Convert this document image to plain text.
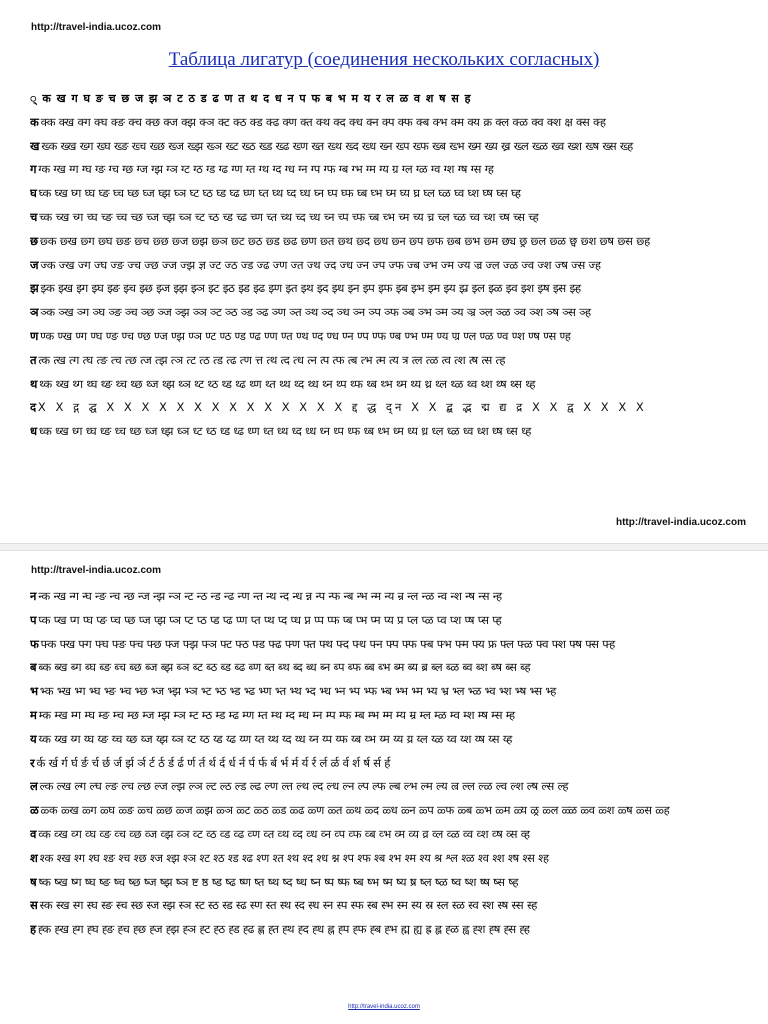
http://travel-india.ucoz.com
Таблица лигатур (соединения нескольких согласных)
् क ख ग घ ङ च छ ज झ ञ ट ठ ड ढ ण त थ द ध न प फ ब भ म य र ल ळ व श ष स ह
क क्क क्ख क्ग क्घ क्ङ क्च क्छ क्ज क्झ क्ञ क्ट क्ठ क्ड क्ढ क्ण क्त क्थ क्द क्ध क्न क्प क्फ क्ब क्भ क्म क्य क्र क्ल क्ळ क्व क्श क्ष क्स क्ह
ख ख्क ख्ख ख्ग ख्घ ख्ङ ख्च ख्छ ख्ज ख्झ ख्ञ ख्ट ख्ठ ख्ड ख्ढ ख्ण ख्त ख्थ ख्द ख्ध ख्न ख्प ख्फ ख्ब ख्भ ख्म ख्य ख्र ख्ल ख्ळ ख्व ख्श ख्ष ख्स ख्ह
ग ग्क ग्ख ग्ग ग्घ ग्ङ ग्च ग्छ ग्ज ग्झ ग्ञ ग्ट ग्ठ ग्ड ग्ढ ग्ण ग्त ग्थ ग्द ग्ध ग्न ग्प ग्फ ग्ब ग्भ ग्म ग्य ग्र ग्ल ग्ळ ग्व ग्श ग्ष ग्स ग्ह
घ घ्क घ्ख घ्ग घ्घ घ्ङ घ्च घ्छ घ्ज घ्झ घ्ञ घ्ट घ्ठ घ्ड घ्ढ घ्ण घ्त घ्थ घ्द घ्ध घ्न घ्प घ्फ घ्ब घ्भ घ्म घ्य घ्र घ्ल घ्ळ घ्व घ्श घ्ष घ्स घ्ह
च च्क च्ख च्ग च्घ च्ङ च्च च्छ च्ज च्झ च्ञ च्ट च्ठ च्ड च्ढ च्ण च्त च्थ च्द च्ध च्न च्प च्फ च्ब च्भ च्म च्य च्र च्ल च्ळ च्व च्श च्ष च्स च्ह
छ छ्क छ्ख छ्ग छ्घ छ्ङ छ्च छ्छ छ्ज छ्झ छ्ञ छ्ट छ्ठ छ्ड छ्ढ छ्ण छ्त छ्थ छ्द छ्ध छ्न छ्प छ्फ छ्ब छ्भ छ्म छ्य छ्र छ्ल छ्ळ छ्व छ्श छ्ष छ्स छ्ह
ज ज्क ज्ख ज्ग ज्घ ज्ङ ज्च ज्छ ज्ज ज्झ ज्ञ ज्ट ज्ठ ज्ड ज्ढ ज्ण ज्त ज्थ ज्द ज्ध ज्न ज्प ज्फ ज्ब ज्भ ज्म ज्य ज्र ज्ल ज्ळ ज्व ज्श ज्ष ज्स ज्ह
झ झ्क झ्ख झ्ग झ्घ झ्ङ झ्च झ्छ झ्ज झ्झ झ्ञ झ्ट झ्ठ झ्ड झ्ढ झ्ण झ्त झ्थ झ्द झ्ध झ्न झ्प झ्फ झ्ब झ्भ झ्म झ्य झ्र झ्ल झ्ळ झ्व झ्श झ्ष झ्स झ्ह
ञ ञ्क ञ्ख ञ्ग ञ्घ ञ्ङ ञ्च ञ्छ ञ्ज ञ्झ ञ्ञ ञ्ट ञ्ठ ञ्ड ञ्ढ ञ्ण ञ्त ञ्थ ञ्द ञ्ध ञ्न ञ्प ञ्फ ञ्ब ञ्भ ञ्म ञ्य ञ्र ञ्ल ञ्ळ ञ्व ञ्श ञ्ष ञ्स ञ्ह
ण ण्क ण्ख ण्ग ण्घ ण्ङ ण्च ण्छ ण्ज ण्झ ण्ञ ण्ट ण्ठ ण्ड ण्ढ ण्ण ण्त ण्थ ण्द ण्ध ण्न ण्प ण्फ ण्ब ण्भ ण्म ण्य ण्र ण्ल ण्ळ ण्व ण्श ण्ष ण्स ण्ह
त त्क त्ख त्ग त्घ त्ङ त्च त्छ त्ज त्झ त्ञ त्ट त्ठ त्ड त्ढ त्ण त्त त्थ त्द त्ध त्न त्प त्फ त्ब त्भ त्म त्य त्र त्ल त्ळ त्व त्श त्ष त्स त्ह
थ थ्क थ्ख थ्ग थ्घ थ्ङ थ्च थ्छ थ्ज थ्झ थ्ञ थ्ट थ्ठ थ्ड थ्ढ थ्ण थ्त थ्थ थ्द थ्ध थ्न थ्प थ्फ थ्ब थ्भ थ्म थ्य थ्र थ्ल थ्ळ थ्व थ्श थ्ष थ्स थ्ह
द X X द्ग द्घ X X X X X X X X X X X X X X द्द द्ध द्न X X द्ब द्भ द्म द्य द्र X X द्व X X X X
ध ध्क ध्ख ध्ग ध्घ ध्ङ ध्च ध्छ ध्ज ध्झ ध्ञ ध्ट ध्ठ ध्ड ध्ढ ध्ण ध्त ध्थ ध्द ध्ध ध्न ध्प ध्फ ध्ब ध्भ ध्म ध्य ध्र ध्ल ध्ळ ध्व ध्श ध्ष ध्स ध्ह
http://travel-india.ucoz.com
http://travel-india.ucoz.com
न न्क न्ख न्ग न्घ न्ङ न्च न्छ न्ज न्झ न्ञ न्ट न्ठ न्ड न्ढ न्ण न्त न्थ न्द न्ध न्न न्प न्फ न्ब न्भ न्म न्य न्र न्ल न्ळ न्व न्श न्ष न्स न्ह
प प्क प्ख प्ग प्घ प्ङ प्च प्छ प्ज प्झ प्ञ प्ट प्ठ प्ड प्ढ प्ण प्त प्थ प्द प्ध प्न प्प प्फ प्ब प्भ प्म प्य प्र प्ल प्ळ प्व प्श प्ष प्स प्ह
फ फ्क फ्ख फ्ग फ्घ फ्ङ फ्च फ्छ फ्ज फ्झ फ्ञ फ्ट फ्ठ फ्ड फ्ढ फ्ण फ्त फ्थ फ्द फ्ध फ्न फ्प फ्फ फ्ब फ्भ फ्म फ्य फ्र फ्ल फ्ळ फ्व फ्श फ्ष फ्स फ्ह
ब ब्क ब्ख ब्ग ब्घ ब्ङ ब्च ब्छ ब्ज ब्झ ब्ञ ब्ट ब्ठ ब्ड ब्ढ ब्ण ब्त ब्थ ब्द ब्ध ब्न ब्प ब्फ ब्ब ब्भ ब्म ब्य ब्र ब्ल ब्ळ ब्व ब्श ब्ष ब्स ब्ह
भ भ्क भ्ख भ्ग भ्घ भ्ङ भ्च भ्छ भ्ज भ्झ भ्ञ भ्ट भ्ठ भ्ड भ्ढ भ्ण भ्त भ्थ भ्द भ्ध भ्न भ्प भ्फ भ्ब भ्भ भ्म भ्य भ्र भ्ल भ्ळ भ्व भ्श भ्ष भ्स भ्ह
म म्क म्ख म्ग म्घ म्ङ म्च म्छ म्ज म्झ म्ञ म्ट म्ठ म्ड म्ढ म्ण म्त म्थ म्द म्ध म्न म्प म्फ म्ब म्भ म्म म्य म्र म्ल म्ळ म्व म्श म्ष म्स म्ह
य य्क य्ख य्ग य्घ य्ङ य्च य्छ य्ज य्झ य्ञ य्ट य्ठ य्ड य्ढ य्ण य्त य्थ य्द य्ध य्न य्प य्फ य्ब य्भ य्म य्य य्र य्ल य्ळ य्व य्श य्ष य्स य्ह
र र्क र्ख र्ग र्घ र्ङ र्च र्छ र्ज र्झ र्ञ र्ट र्ठ र्ड र्ढ र्ण र्त र्थ र्द र्ध र्न र्प र्फ र्ब र्भ र्म र्य र्र र्ल र्ळ र्व र्श र्ष र्स र्ह
ल ल्क ल्ख ल्ग ल्घ ल्ङ ल्च ल्छ ल्ज ल्झ ल्ञ ल्ट ल्ठ ल्ड ल्ढ ल्ण ल्त ल्थ ल्द ल्ध ल्न ल्प ल्फ ल्ब ल्भ ल्म ल्य ल्र ल्ल ल्ळ ल्व ल्श ल्ष ल्स ल्ह
ळ ळ्क ळ्ख ळ्ग ळ्घ ळ्ङ ळ्च ळ्छ ळ्ज ळ्झ ळ्ञ ळ्ट ळ्ठ ळ्ड ळ्ढ ळ्ण ळ्त ळ्थ ळ्द ळ्ध ळ्न ळ्प ळ्फ ळ्ब ळ्भ ळ्म ळ्य ळ्र ळ्ल ळ्ळ ळ्व ळ्श ळ्ष ळ्स ळ्ह
व व्क व्ख व्ग व्घ व्ङ व्च व्छ व्ज व्झ व्ञ व्ट व्ठ व्ड व्ढ व्ण व्त व्थ व्द व्ध व्न व्प व्फ व्ब व्भ व्म व्य व्र व्ल व्ळ व्व व्श व्ष व्स व्ह
श श्क श्ख श्ग श्घ श्ङ श्च श्छ श्ज श्झ श्ञ श्ट श्ठ श्ड श्ढ श्ण श्त श्थ श्द श्ध श्न श्प श्फ श्ब श्भ श्म श्य श्र श्ल श्ळ श्व श्श श्ष श्स श्ह
ष ष्क ष्ख ष्ग ष्घ ष्ङ ष्च ष्छ ष्ज ष्झ ष्ञ ष्ट ष्ठ ष्ड ष्ढ ष्ण ष्त ष्थ ष्द ष्ध ष्न ष्प ष्फ ष्ब ष्भ ष्म ष्य ष्र ष्ल ष्ळ ष्व ष्श ष्ष ष्स ष्ह
स स्क स्ख स्ग स्घ स्ङ स्च स्छ स्ज स्झ स्ञ स्ट स्ठ स्ड स्ढ स्ण स्त स्थ स्द स्ध स्न स्प स्फ स्ब स्भ स्म स्य स्र स्ल स्ळ स्व स्श स्ष स्स स्ह
ह ह्क ह्ख ह्ग ह्घ ह्ङ ह्च ह्छ ह्ज ह्झ ह्ञ ह्ट ह्ठ ह्ड ह्ढ ह्ण ह्त ह्थ ह्द ह्ध ह्न ह्प ह्फ ह्ब ह्भ ह्म ह्य ह्र ह्ल ह्ळ ह्व ह्श ह्ष ह्स ह्ह
http://travel-india.ucoz.com
